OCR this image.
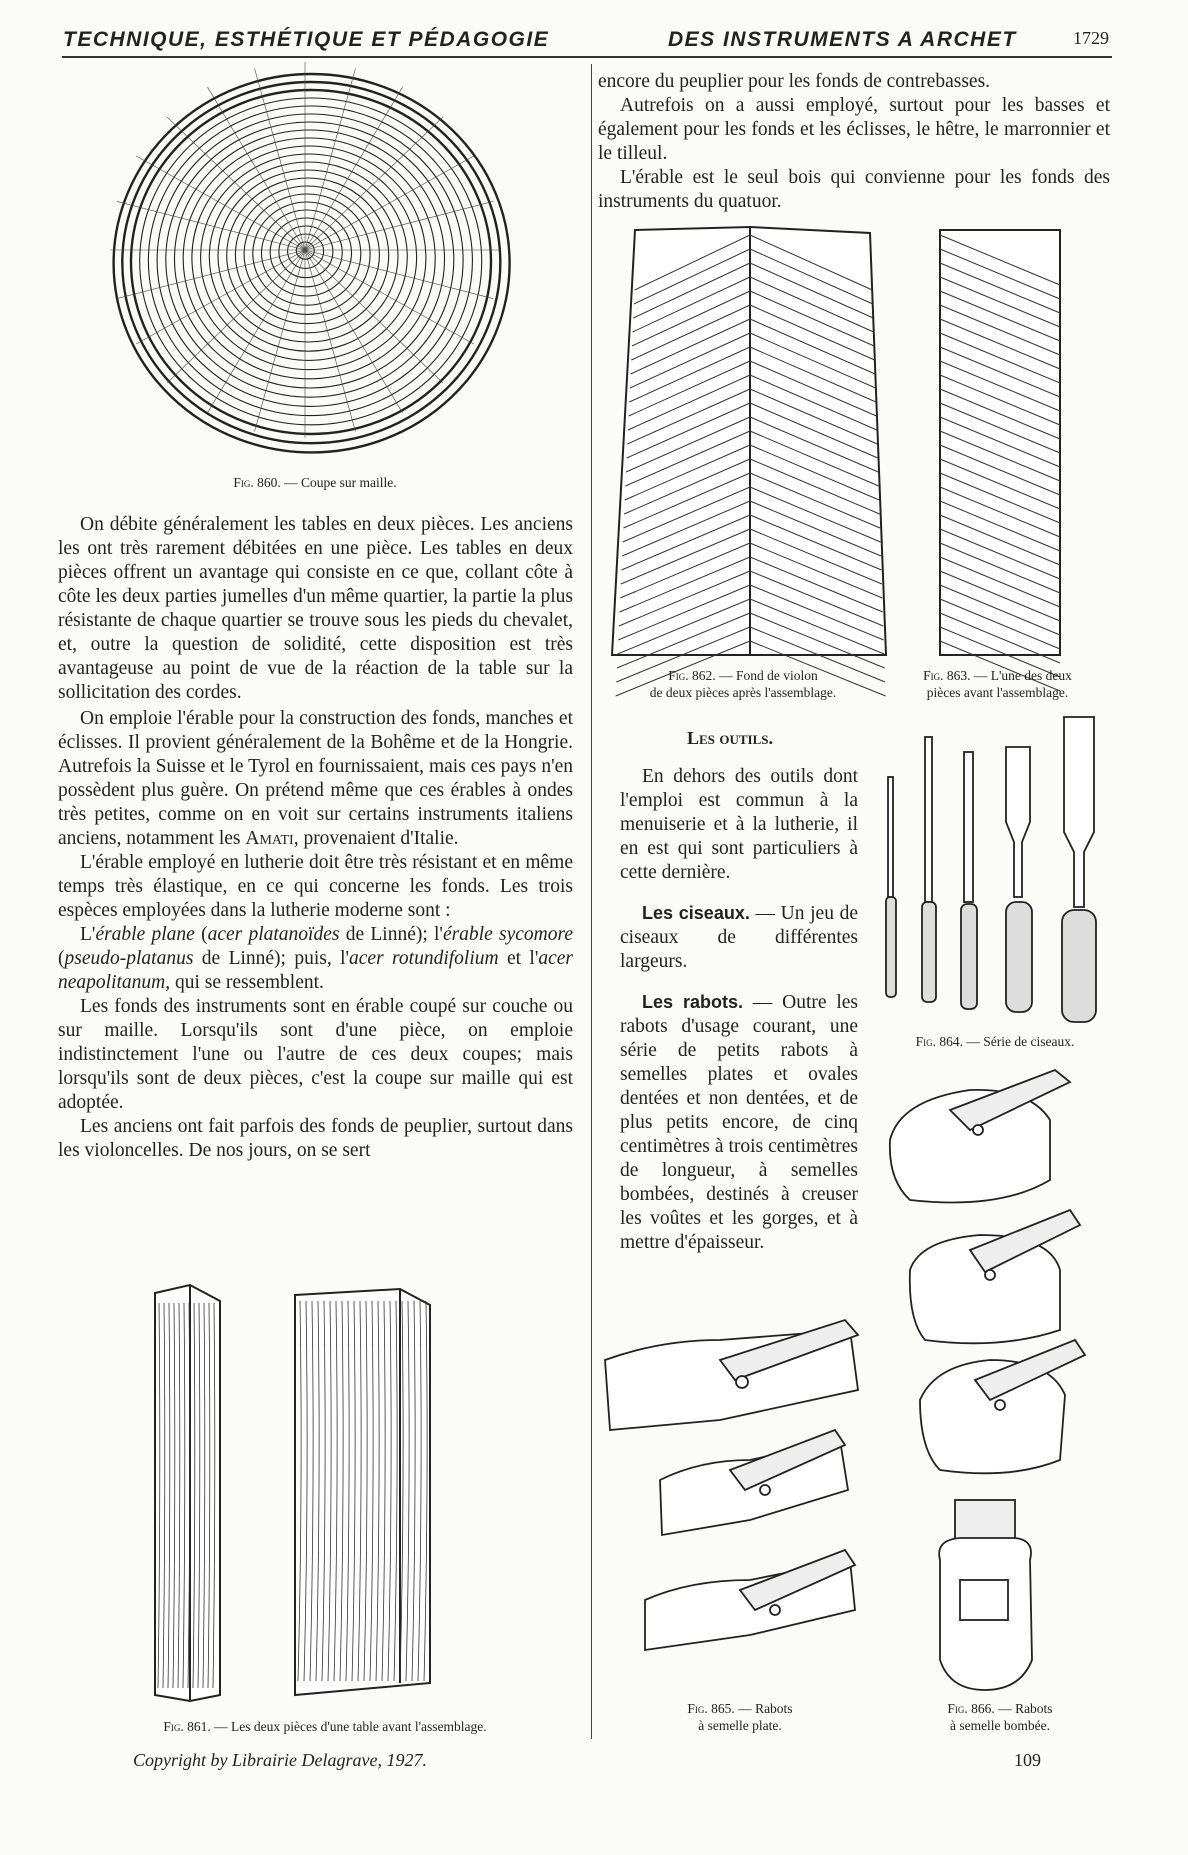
TECHNIQUE, ESTHÉTIQUE ET PÉDAGOGIE	DES INSTRUMENTS A ARCHET	1729
Fig. 860. — Coupe sur maille.

On débite généralement les tables en deux pièces. Les anciens les ont très rarement débitées en une pièce. Les tables en deux pièces offrent un avantage qui consiste en ce que, collant côte à côte les deux parties jumelles d'un même quartier, la partie la plus résistante de chaque quartier se trouve sous les pieds du chevalet, et, outre la question de solidité, cette disposition est très avantageuse au point de vue de la réaction de la table sur la sollicitation des cordes.

On emploie l'érable pour la construction des fonds, manches et éclisses. Il provient généralement de la Bohême et de la Hongrie. Autrefois la Suisse et le Tyrol en fournissaient, mais ces pays n'en possèdent plus guère. On prétend même que ces érables à ondes très petites, comme on en voit sur certains instruments italiens anciens, notamment les Amati, provenaient d'Italie.

L'érable employé en lutherie doit être très résistant et en même temps très élastique, en ce qui concerne les fonds. Les trois espèces employées dans la lutherie moderne sont :

L'érable plane (acer platanoïdes de Linné); l'érable sycomore (pseudo-platanus de Linné); puis, l'acer rotundifolium et l'acer neapolitanum, qui se ressemblent.

Les fonds des instruments sont en érable coupé sur couche ou sur maille. Lorsqu'ils sont d'une pièce, on emploie indistinctement l'une ou l'autre de ces deux coupes; mais lorsqu'ils sont de deux pièces, c'est la coupe sur maille qui est adoptée.

Les anciens ont fait parfois des fonds de peuplier, surtout dans les violoncelles. De nos jours, on se sert

Fig. 861. — Les deux pièces d'une table avant l'assemblage.

encore du peuplier pour les fonds de contrebasses.

Autrefois on a aussi employé, surtout pour les basses et également pour les fonds et les éclisses, le hêtre, le marronnier et le tilleul.

L'érable est le seul bois qui convienne pour les fonds des instruments du quatuor.

Fig. 862. — Fond de violon
de deux pièces après l'assemblage.
Fig. 863. — L'une des deux
pièces avant l'assemblage.
Les outils.

En dehors des outils dont l'emploi est commun à la menuiserie et à la lutherie, il en est qui sont particuliers à cette dernière.

Les ciseaux. — Un jeu de ciseaux de différentes largeurs.

Les rabots. — Outre les rabots d'usage courant, une série de petits rabots à semelles plates et ovales dentées et non dentées, et de plus petits encore, de cinq centimètres à trois centimètres de longueur, à semelles bombées, destinés à creuser les voûtes et les gorges, et à mettre d'épaisseur.

Fig. 864. — Série de ciseaux.
Fig. 866. — Rabots
à semelle bombée.
Fig. 865. — Rabots
à semelle plate.
Copyright by Librairie Delagrave, 1927.	109
